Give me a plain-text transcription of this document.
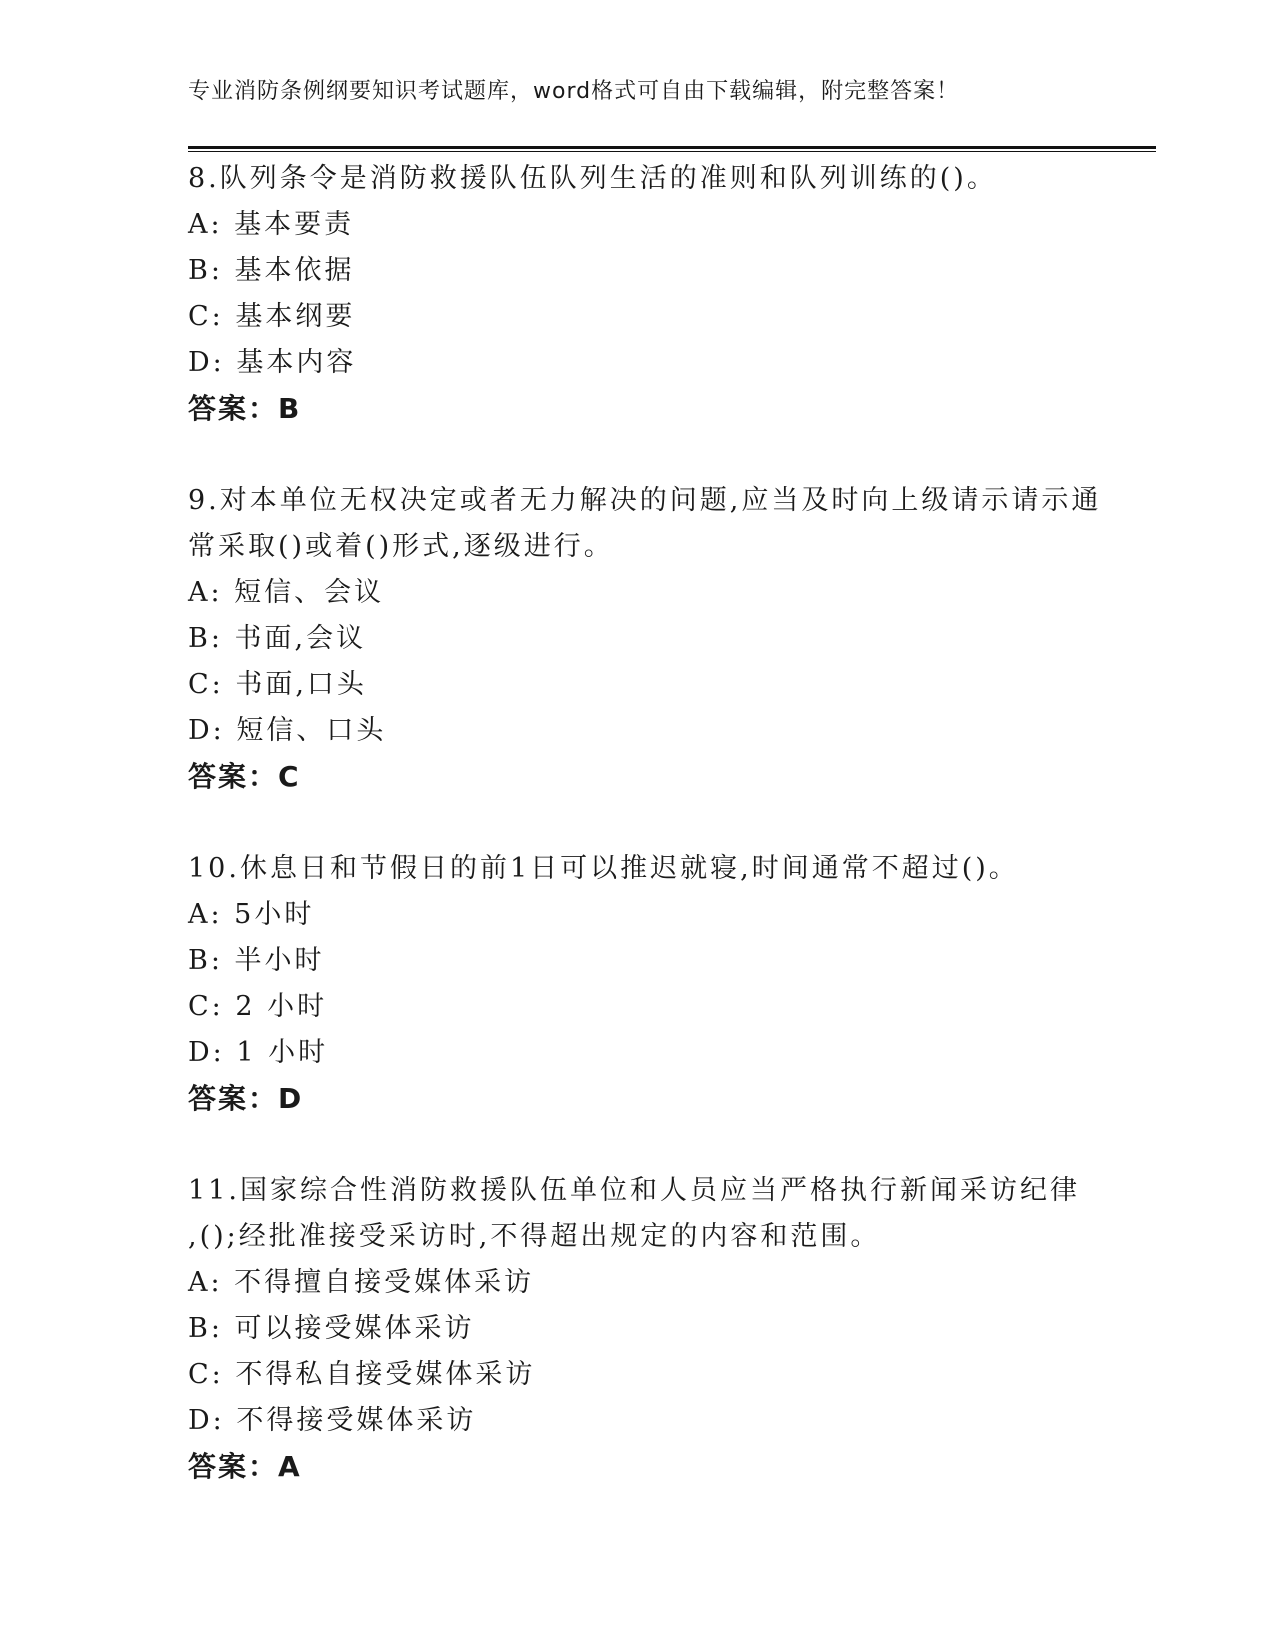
专业消防条例纲要知识考试题库，word格式可自由下载编辑，附完整答案！
8.队列条令是消防救援队伍队列生活的准则和队列训练的()。
A: 基本要责
B: 基本依据
C: 基本纲要
D: 基本内容
答案：B
9.对本单位无权决定或者无力解决的问题,应当及时向上级请示请示通
常采取()或着()形式,逐级进行。
A: 短信、会议
B: 书面,会议
C: 书面,口头
D: 短信、口头
答案：C
10.休息日和节假日的前1日可以推迟就寝,时间通常不超过()。
A: 5小时
B: 半小时
C: 2 小时
D: 1 小时
答案：D
11.国家综合性消防救援队伍单位和人员应当严格执行新闻采访纪律
,();经批准接受采访时,不得超出规定的内容和范围。
A: 不得擅自接受媒体采访
B: 可以接受媒体采访
C: 不得私自接受媒体采访
D: 不得接受媒体采访
答案：A
